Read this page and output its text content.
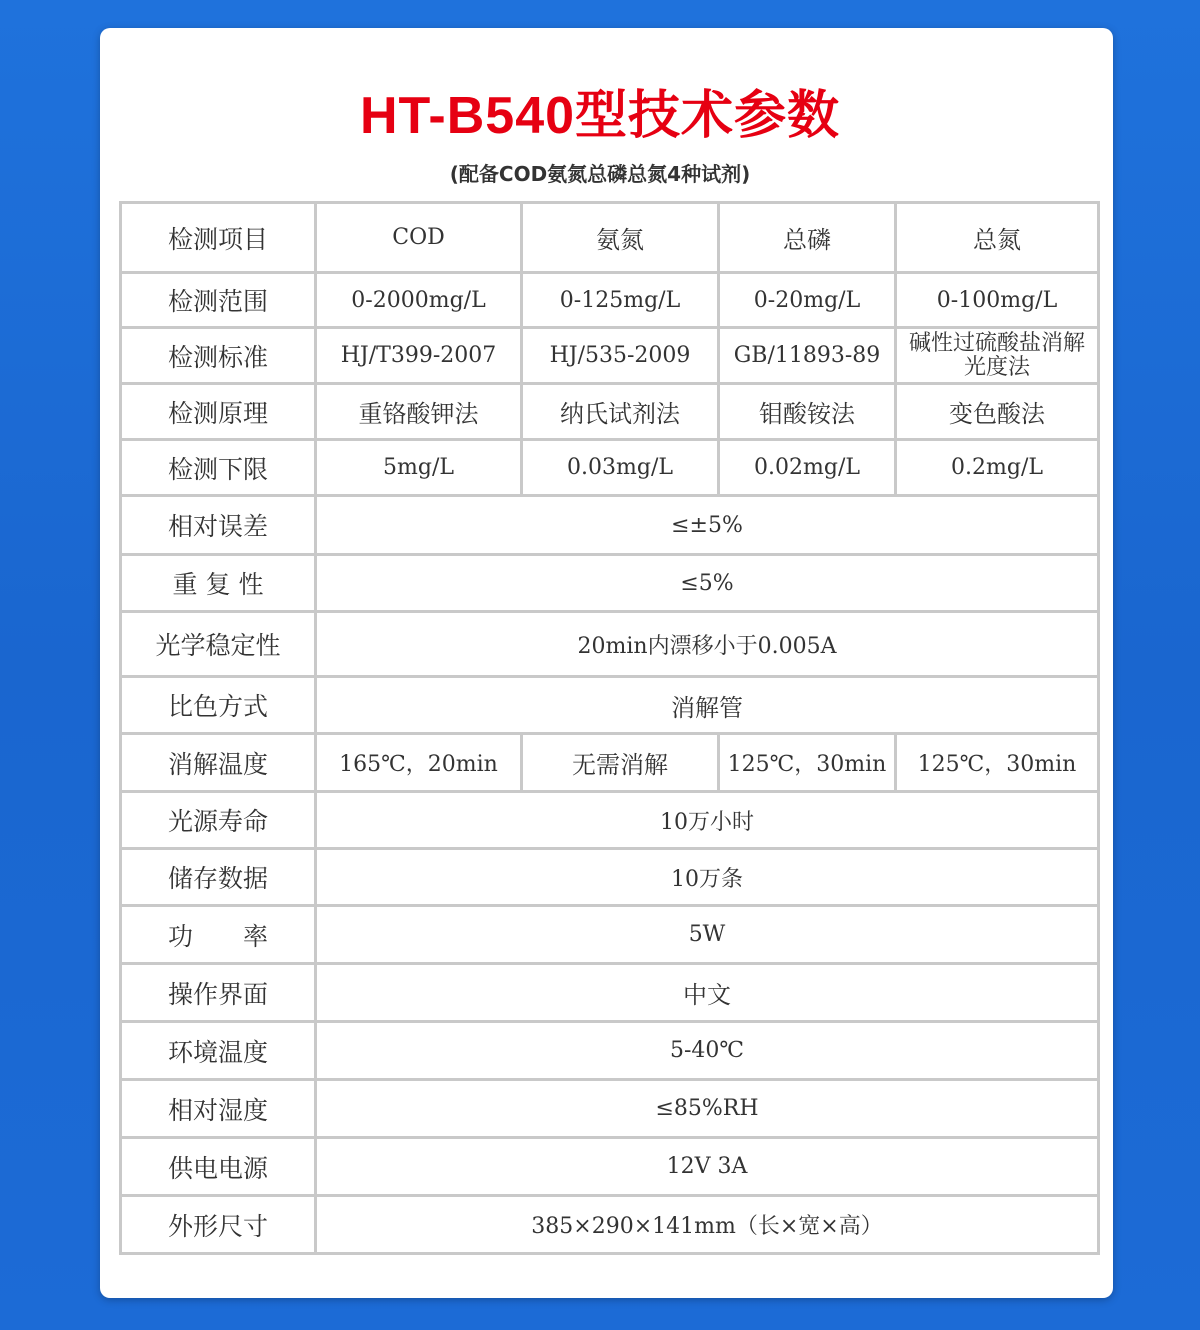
HT-B540型技术参数
(配备COD氨氮总磷总氮4种试剂)
检测项目	COD	氨氮	总磷	总氮
检测范围	0-2000mg/L	0-125mg/L	0-20mg/L	0-100mg/L
检测标准	HJ/T399-2007	HJ/535-2009	GB/11893-89	碱性过硫酸盐消解光度法
检测原理	重铬酸钾法	纳氏试剂法	钼酸铵法	变色酸法
检测下限	5mg/L	0.03mg/L	0.02mg/L	0.2mg/L
相对误差	≤±5%			
重 复 性	≤5%			
光学稳定性	20min内漂移小于0.005A			
比色方式	消解管			
消解温度	165℃，20min	无需消解	125℃，30min	125℃，30min
光源寿命	10万小时			
储存数据	10万条			
功　　率	5W			
操作界面	中文			
环境温度	5-40℃			
相对湿度	≤85%RH			
供电电源	12V 3A			
外形尺寸	385×290×141mm（长×宽×高）			
